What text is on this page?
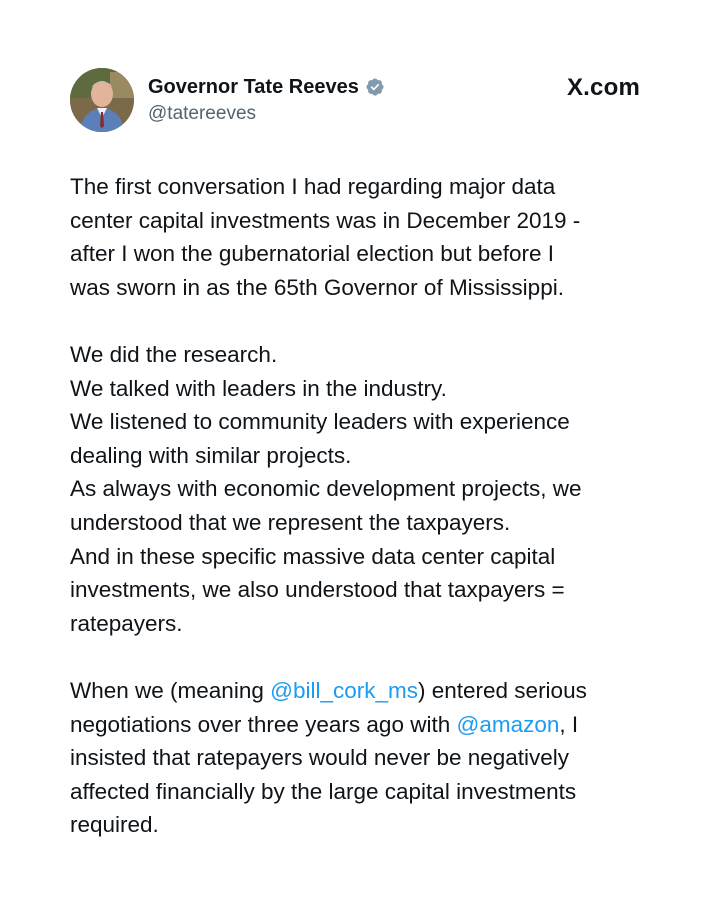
Governor Tate Reeves
@tatereeves
X.com

The first conversation I had regarding major data
center capital investments was in December 2019 -
after I won the gubernatorial election but before I
was sworn in as the 65th Governor of Mississippi.

We did the research.
We talked with leaders in the industry.
We listened to community leaders with experience
dealing with similar projects.
As always with economic development projects, we
understood that we represent the taxpayers.
And in these specific massive data center capital
investments, we also understood that taxpayers =
ratepayers.

When we (meaning @bill_cork_ms) entered serious
negotiations over three years ago with @amazon, I
insisted that ratepayers would never be negatively
affected financially by the large capital investments
required.
